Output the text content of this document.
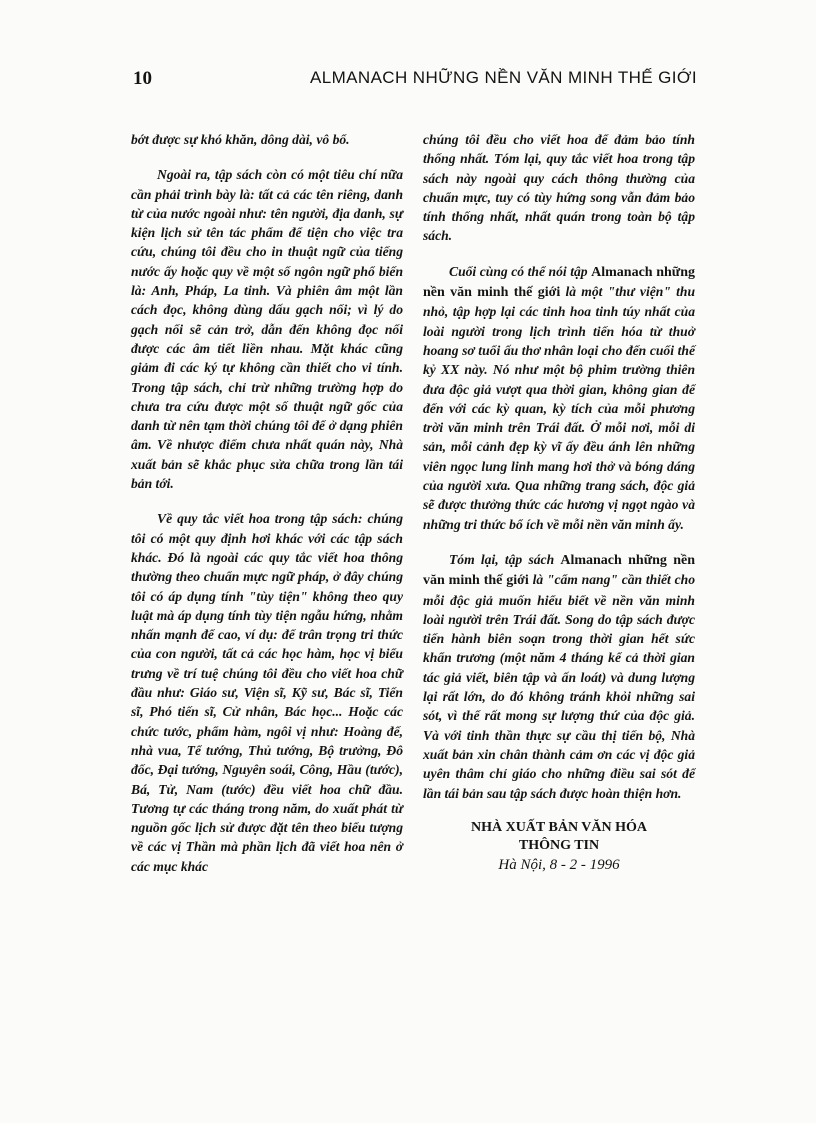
10	ALMANACH NHỮNG NỀN VĂN MINH THẾ GIỚI

bớt được sự khó khăn, dông dài, vô bổ.

Ngoài ra, tập sách còn có một tiêu chí nữa cần phải trình bày là: tất cả các tên riêng, danh từ của nước ngoài như: tên người, địa danh, sự kiện lịch sử tên tác phẩm để tiện cho việc tra cứu, chúng tôi đều cho in thuật ngữ của tiếng nước ấy hoặc quy về một số ngôn ngữ phổ biến là: Anh, Pháp, La tinh. Và phiên âm một lần cách đọc, không dùng dấu gạch nối; vì lý do gạch nối sẽ cản trở, dẫn đến không đọc nối được các âm tiết liền nhau. Mặt khác cũng giảm đi các ký tự không cần thiết cho vi tính. Trong tập sách, chỉ trừ những trường hợp do chưa tra cứu được một số thuật ngữ gốc của danh từ nên tạm thời chúng tôi để ở dạng phiên âm. Về nhược điểm chưa nhất quán này, Nhà xuất bản sẽ khắc phục sửa chữa trong lần tái bản tới.

Về quy tắc viết hoa trong tập sách: chúng tôi có một quy định hơi khác với các tập sách khác. Đó là ngoài các quy tắc viết hoa thông thường theo chuẩn mực ngữ pháp, ở đây chúng tôi có áp dụng tính "tùy tiện" không theo quy luật mà áp dụng tính tùy tiện ngẫu hứng, nhằm nhấn mạnh để cao, ví dụ: để trân trọng tri thức của con người, tất cả các học hàm, học vị biểu trưng về trí tuệ chúng tôi đều cho viết hoa chữ đầu như: Giáo sư, Viện sĩ, Kỹ sư, Bác sĩ, Tiến sĩ, Phó tiến sĩ, Cử nhân, Bác học... Hoặc các chức tước, phẩm hàm, ngôi vị như: Hoàng đế, nhà vua, Tể tướng, Thủ tướng, Bộ trưởng, Đô đốc, Đại tướng, Nguyên soái, Công, Hầu (tước), Bá, Tử, Nam (tước) đều viết hoa chữ đầu. Tương tự các tháng trong năm, do xuất phát từ nguồn gốc lịch sử được đặt tên theo biểu tượng về các vị Thần mà phần lịch đã viết hoa nên ở các mục khác

chúng tôi đều cho viết hoa để đảm bảo tính thống nhất. Tóm lại, quy tắc viết hoa trong tập sách này ngoài quy cách thông thường của chuẩn mực, tuy có tùy hứng song vẫn đảm bảo tính thống nhất, nhất quán trong toàn bộ tập sách.

Cuối cùng có thể nói tập Almanach những nền văn minh thế giới là một "thư viện" thu nhỏ, tập hợp lại các tinh hoa tinh túy nhất của loài người trong lịch trình tiến hóa từ thuở hoang sơ tuổi ấu thơ nhân loại cho đến cuối thế kỷ XX này. Nó như một bộ phim trường thiên đưa độc giả vượt qua thời gian, không gian để đến với các kỳ quan, kỳ tích của mỗi phương trời văn minh trên Trái đất. Ở mỗi nơi, mỗi di sản, mỗi cảnh đẹp kỳ vĩ ấy đều ánh lên những viên ngọc lung linh mang hơi thở và bóng dáng của người xưa. Qua những trang sách, độc giả sẽ được thưởng thức các hương vị ngọt ngào và những tri thức bổ ích về mỗi nền văn minh ấy.

Tóm lại, tập sách Almanach những nền văn minh thế giới là "cẩm nang" cần thiết cho mỗi độc giả muốn hiểu biết về nền văn minh loài người trên Trái đất. Song do tập sách được tiến hành biên soạn trong thời gian hết sức khẩn trương (một năm 4 tháng kể cả thời gian tác giả viết, biên tập và ấn loát) và dung lượng lại rất lớn, do đó không tránh khỏi những sai sót, vì thế rất mong sự lượng thứ của độc giả. Và với tinh thần thực sự cầu thị tiến bộ, Nhà xuất bản xin chân thành cảm ơn các vị độc giả uyên thâm chỉ giáo cho những điều sai sót để lần tái bản sau tập sách được hoàn thiện hơn.

NHÀ XUẤT BẢN VĂN HÓA
THÔNG TIN
Hà Nội, 8 - 2 - 1996
